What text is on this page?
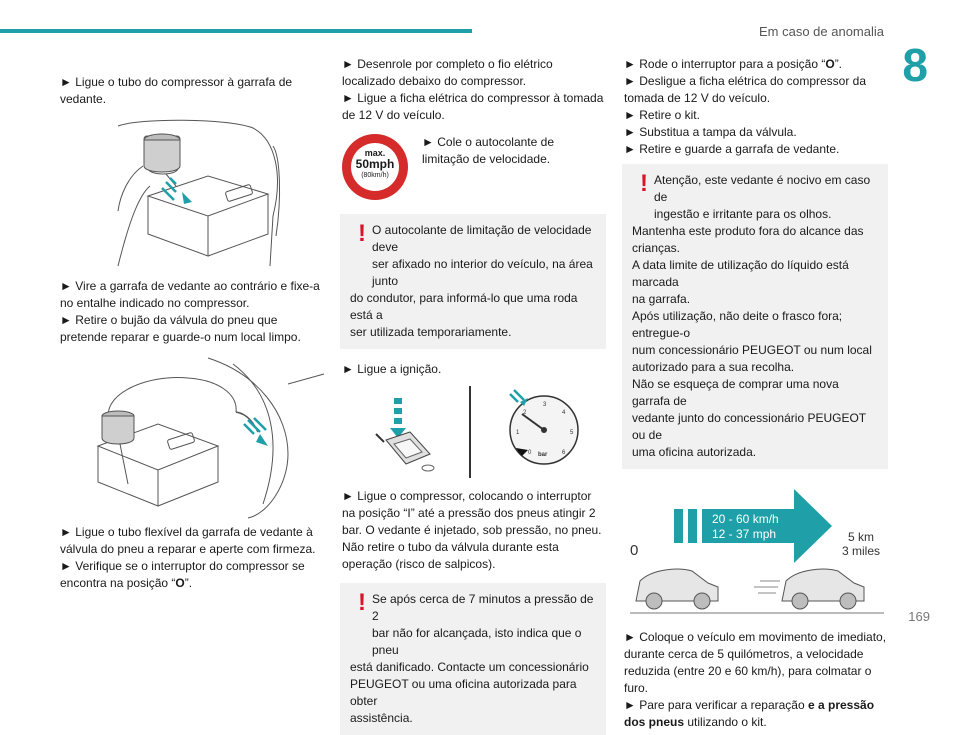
Em caso de anomalia
8
169
► Ligue o tubo do compressor à garrafa de vedante.
► Vire a garrafa de vedante ao contrário e fixe-a no entalhe indicado no compressor.
► Retire o bujão da válvula do pneu que pretende reparar e guarde-o num local limpo.
► Ligue o tubo flexível da garrafa de vedante à válvula do pneu a reparar e aperte com firmeza.
► Verifique se o interruptor do compressor se encontra na posição “O”.
► Desenrole por completo o fio elétrico localizado debaixo do compressor.
► Ligue a ficha elétrica do compressor à tomada de 12 V do veículo.
max.
50mph
(80km/h)
► Cole o autocolante de limitação de velocidade.
! O autocolante de limitação de velocidade deve
ser afixado no interior do veículo, na área junto
do condutor, para informá-lo que uma roda está a
ser utilizada temporariamente.
► Ligue a ignição.
0
1
2
3
4
5
6
bar
► Ligue o compressor, colocando o interruptor na posição “I” até a pressão dos pneus atingir 2 bar. O vedante é injetado, sob pressão, no pneu. Não retire o tubo da válvula durante esta operação (risco de salpicos).
! Se após cerca de 7 minutos a pressão de 2
bar não for alcançada, isto indica que o pneu
está danificado. Contacte um concessionário
PEUGEOT ou uma oficina autorizada para obter
assistência.
► Rode o interruptor para a posição “O”.
► Desligue a ficha elétrica do compressor da tomada de 12 V do veículo.
► Retire o kit.
► Substitua a tampa da válvula.
► Retire e guarde a garrafa de vedante.
! Atenção, este vedante é nocivo em caso de
ingestão e irritante para os olhos.
Mantenha este produto fora do alcance das
crianças.
A data limite de utilização do líquido está marcada
na garrafa.
Após utilização, não deite o frasco fora; entregue-o
num concessionário PEUGEOT ou num local
autorizado para a sua recolha.
Não se esqueça de comprar uma nova garrafa de
vedante junto do concessionário PEUGEOT ou de
uma oficina autorizada.
20 - 60 km/h
12 - 37 mph
0
5 km
3 miles
► Coloque o veículo em movimento de imediato, durante cerca de 5 quilómetros, a velocidade reduzida (entre 20 e 60 km/h), para colmatar o furo.
► Pare para verificar a reparação e a pressão dos pneus utilizando o kit.
